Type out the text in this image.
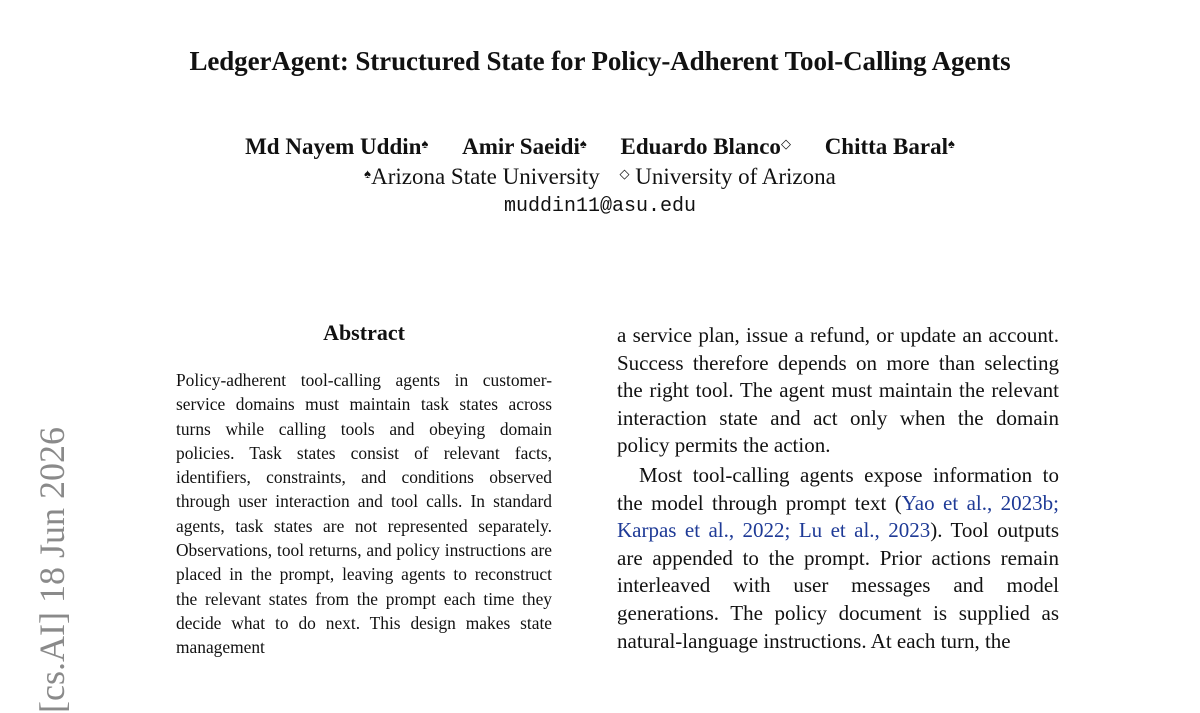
LedgerAgent: Structured State for Policy-Adherent Tool-Calling Agents
Md Nayem Uddin♠ Amir Saeidi♠ Eduardo Blanco◇ Chitta Baral♠
♠Arizona State University ◇ University of Arizona
muddin11@asu.edu
[cs.AI] 18 Jun 2026
Abstract
Policy-adherent tool-calling agents in customer-service domains must maintain task states across turns while calling tools and obeying domain policies. Task states consist of relevant facts, identifiers, constraints, and conditions observed through user interaction and tool calls. In standard agents, task states are not represented separately. Observations, tool returns, and policy instructions are placed in the prompt, leaving agents to reconstruct the relevant states from the prompt each time they decide what to do next. This design makes state management

a service plan, issue a refund, or update an account. Success therefore depends on more than selecting the right tool. The agent must maintain the relevant interaction state and act only when the domain policy permits the action.

Most tool-calling agents expose information to the model through prompt text (Yao et al., 2023b; Karpas et al., 2022; Lu et al., 2023). Tool outputs are appended to the prompt. Prior actions remain interleaved with user messages and model generations. The policy document is supplied as natural-language instructions. At each turn, the
